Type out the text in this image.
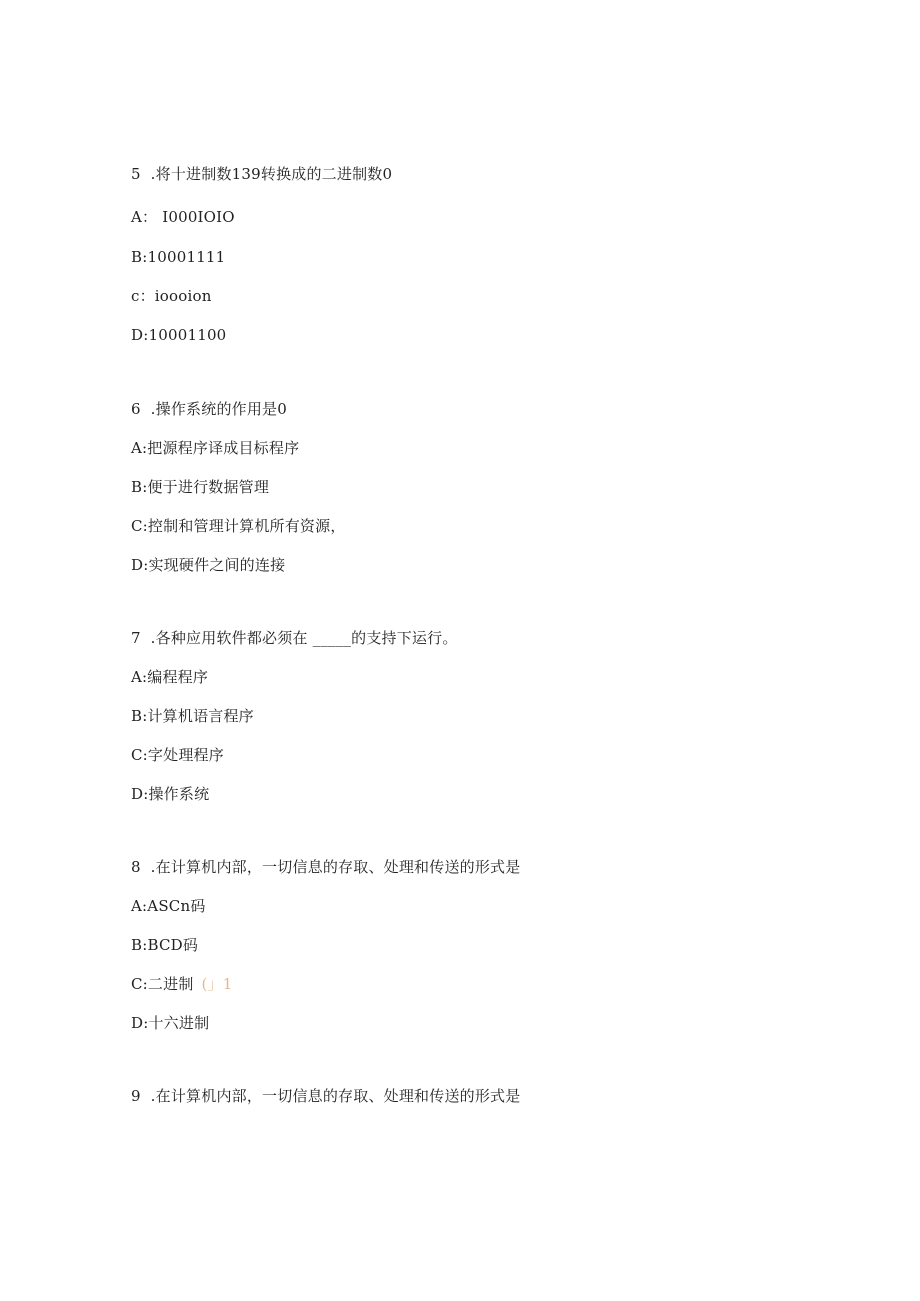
5  .将十进制数139转换成的二进制数0
A： I000IOIO
B:10001111
c：ioooion
D:10001100
6  .操作系统的作用是0
A:把源程序译成目标程序
B:便于进行数据管理
C:控制和管理计算机所有资源，
D:实现硬件之间的连接
7  .各种应用软件都必须在 _____的支持下运行。
A:编程程序
B:计算机语言程序
C:字处理程序
D:操作系统
8  .在计算机内部，一切信息的存取、处理和传送的形式是
A:ASCn码
B:BCD码
C:二进制 (」1
D:十六进制
9  .在计算机内部，一切信息的存取、处理和传送的形式是
